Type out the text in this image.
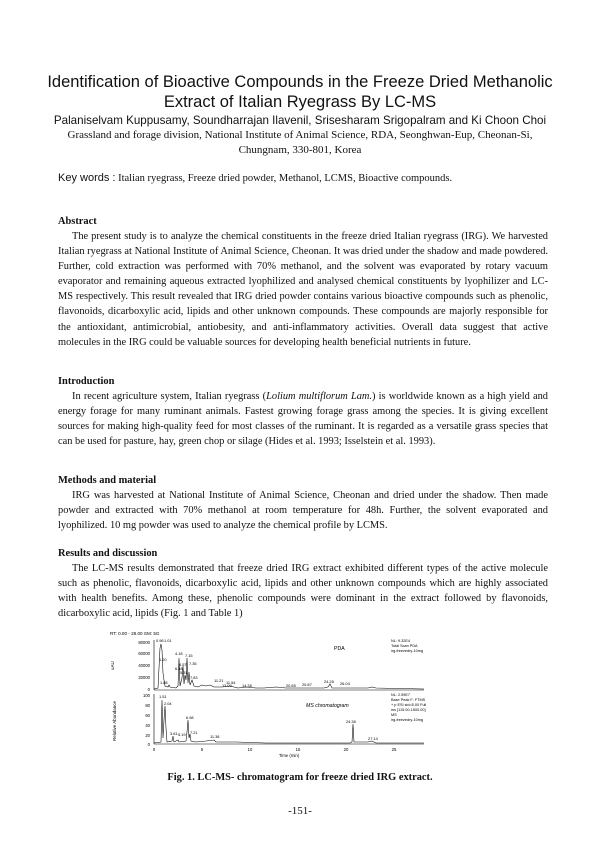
Identification of Bioactive Compounds in the Freeze Dried Methanolic
Extract of Italian Ryegrass By LC-MS
Palaniselvam Kuppusamy, Soundharrajan Ilavenil, Srisesharam Srigopalram and Ki Choon Choi
Grassland and forage division, National Institute of Animal Science, RDA, Seonghwan-Eup, Cheonan-Si,
Chungnam, 330-801, Korea
Key words : Italian ryegrass, Freeze dried powder, Methanol, LCMS, Bioactive compounds.
Abstract

The present study is to analyze the chemical constituents in the freeze dried Italian ryegrass (IRG). We harvested Italian ryegrass at National Institute of Animal Science, Cheonan. It was dried under the shadow and made powdered. Further, cold extraction was performed with 70% methanol, and the solvent was evaporated by rotary vacuum evaporator and remaining aqueous extracted lyophilized and analysed chemical constituents by lyophilizer and LC-MS respectively. This result revealed that IRG dried powder contains various bioactive compounds such as phenolic, flavonoids, dicarboxylic acid, lipids and other unknown compounds. These compounds are majorly responsible for the antioxidant, antimicrobial, antiobesity, and anti-inflammatory activities. Overall data suggest that active molecules in the IRG could be valuable sources for developing health beneficial nutrients in future.

Introduction

In recent agriculture system, Italian ryegrass (Lolium multiflorum Lam.) is worldwide known as a high yield and energy forage for many ruminant animals. Fastest growing forage grass among the species. It is giving excellent sources for making high-quality feed for most classes of the ruminant. It is regarded as a versatile grass species that can be used for pasture, hay, green chop or silage (Hides et al. 1993; Isselstein et al. 1993).

Methods and material

IRG was harvested at National Institute of Animal Science, Cheonan and dried under the shadow. Then made powder and extracted with 70% methanol at room temperature for 48h. Further, the solvent evaporated and lyophilized. 10 mg powder was used to analyze the chemical profile by LCMS.

Results and discussion

The LC-MS results demonstrated that freeze dried IRG extract exhibited different types of the active molecule such as phenolic, flavonoids, dicarboxylic acid, lipids and other unknown compounds which are highly associated with health benefits. Among these, phenolic compounds were dominant in the extract followed by flavonoids, dicarboxylic acid, lipids (Fig. 1 and Table 1)

RT: 0.00 - 28.00 SM: 5G
uAU
Relative Abundance
80000
60000
40000
20000
0
100
80
60
40
20
0
PDA
MS chromatogram
NL: 9.32E4
Total Scan PDA
irg-freezedry-10mg
NL: 2.59E7
Base Peak F: FTMS
+ p ESI sid=5.00 Full
ms [115.00-1500.00]
MS
irg-freezedry-10mg
0.96 1.01
4.18
1.20
4.57
7.15
6.48
7.35
5.31
7.83
1.88	11.21 11.54
13.00	14.38	20.65 20.87
24.28 26.04
1.51
2.04
6.98
3.61 5.19 7.21
11.38
24.38
27.14
0	5	10	15	20	25
Time (min)
Fig. 1. LC-MS- chromatogram for freeze dried IRG extract.
-151-
